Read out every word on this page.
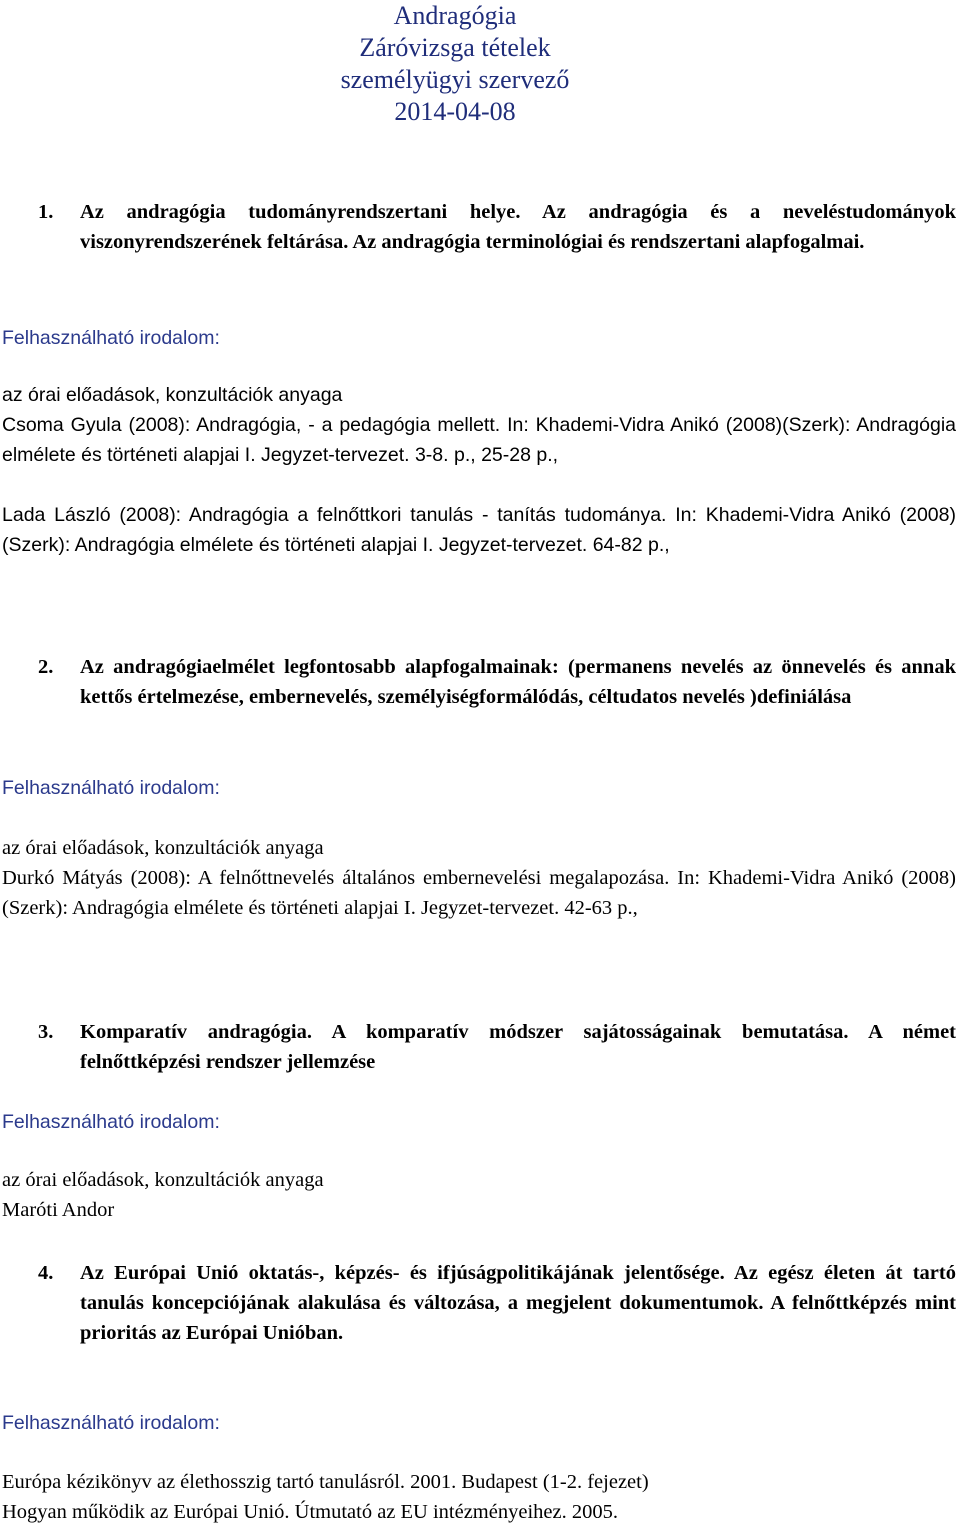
Andragógia
Záróvizsga tételek
személyügyi szervező
2014-04-08
1. Az andragógia tudományrendszertani helye. Az andragógia és a neveléstudományok viszonyrendszerének feltárása. Az andragógia terminológiai és rendszertani alapfogalmai.
Felhasználható irodalom:
az órai előadások, konzultációk anyaga
Csoma Gyula (2008): Andragógia, - a pedagógia mellett. In: Khademi-Vidra Anikó (2008)(Szerk): Andragógia elmélete és történeti alapjai I. Jegyzet-tervezet. 3-8. p., 25-28 p.,
Lada László (2008): Andragógia a felnőttkori tanulás - tanítás tudománya. In: Khademi-Vidra Anikó (2008)(Szerk): Andragógia elmélete és történeti alapjai I. Jegyzet-tervezet. 64-82 p.,
2. Az andragógiaelmélet legfontosabb alapfogalmainak: (permanens nevelés az önnevelés és annak kettős értelmezése, embernevelés, személyiségformálódás, céltudatos nevelés )definiálása
Felhasználható irodalom:
az órai előadások, konzultációk anyaga
Durkó Mátyás (2008): A felnőttnevelés általános embernevelési megalapozása. In: Khademi-Vidra Anikó (2008)(Szerk): Andragógia elmélete és történeti alapjai I. Jegyzet-tervezet. 42-63 p.,
3. Komparatív andragógia. A komparatív módszer sajátosságainak bemutatása. A német felnőttképzési rendszer jellemzése
Felhasználható irodalom:
az órai előadások, konzultációk anyaga
Maróti Andor
4. Az Európai Unió oktatás-, képzés- és ifjúságpolitikájának jelentősége. Az egész életen át tartó tanulás koncepciójának alakulása és változása, a megjelent dokumentumok. A felnőttképzés mint prioritás az Európai Unióban.
Felhasználható irodalom:
Európa kézikönyv az élethosszig tartó tanulásról. 2001. Budapest (1-2. fejezet)
Hogyan működik az Európai Unió. Útmutató az EU intézményeihez. 2005.
